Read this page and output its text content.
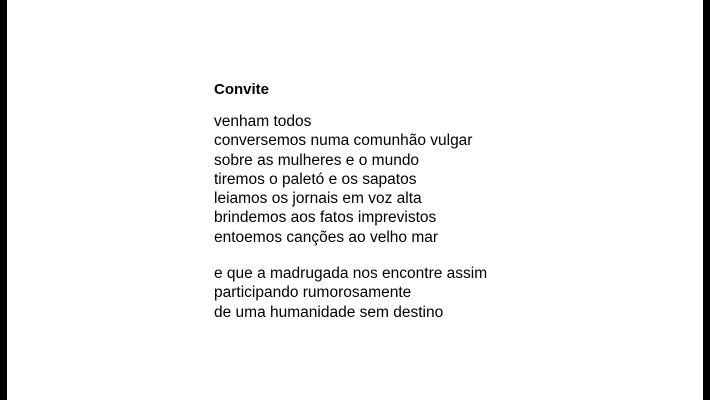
Convite
venham todos
conversemos numa comunhão vulgar
sobre as mulheres e o mundo
tiremos o paletó e os sapatos
leiamos os jornais em voz alta
brindemos aos fatos imprevistos
entoemos canções ao velho mar
e que a madrugada nos encontre assim
participando rumorosamente
de uma humanidade sem destino
